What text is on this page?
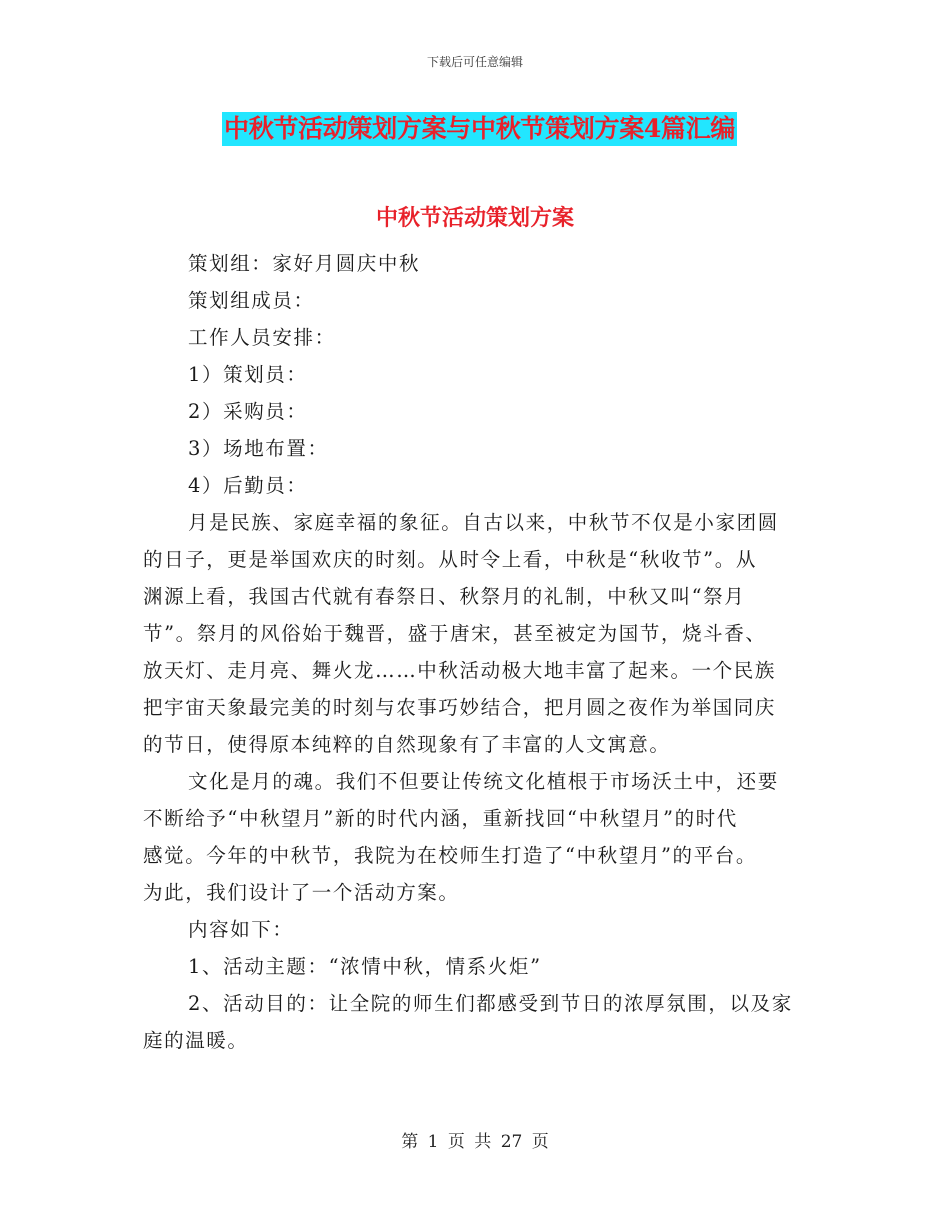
下载后可任意编辑
中秋节活动策划方案与中秋节策划方案4篇汇编
中秋节活动策划方案
策划组：家好月圆庆中秋
策划组成员：
工作人员安排：
1）策划员：
2）采购员：
3）场地布置：
4）后勤员：
月是民族、家庭幸福的象征。自古以来，中秋节不仅是小家团圆
的日子，更是举国欢庆的时刻。从时令上看，中秋是“秋收节”。从
渊源上看，我国古代就有春祭日、秋祭月的礼制，中秋又叫“祭月
节”。祭月的风俗始于魏晋，盛于唐宋，甚至被定为国节，烧斗香、
放天灯、走月亮、舞火龙……中秋活动极大地丰富了起来。一个民族
把宇宙天象最完美的时刻与农事巧妙结合，把月圆之夜作为举国同庆
的节日，使得原本纯粹的自然现象有了丰富的人文寓意。
文化是月的魂。我们不但要让传统文化植根于市场沃土中，还要
不断给予“中秋望月”新的时代内涵，重新找回“中秋望月”的时代
感觉。今年的中秋节，我院为在校师生打造了“中秋望月”的平台。
为此，我们设计了一个活动方案。
内容如下：
1、活动主题：“浓情中秋，情系火炬”
2、活动目的：让全院的师生们都感受到节日的浓厚氛围，以及家
庭的温暖。
第 1 页 共 27 页
